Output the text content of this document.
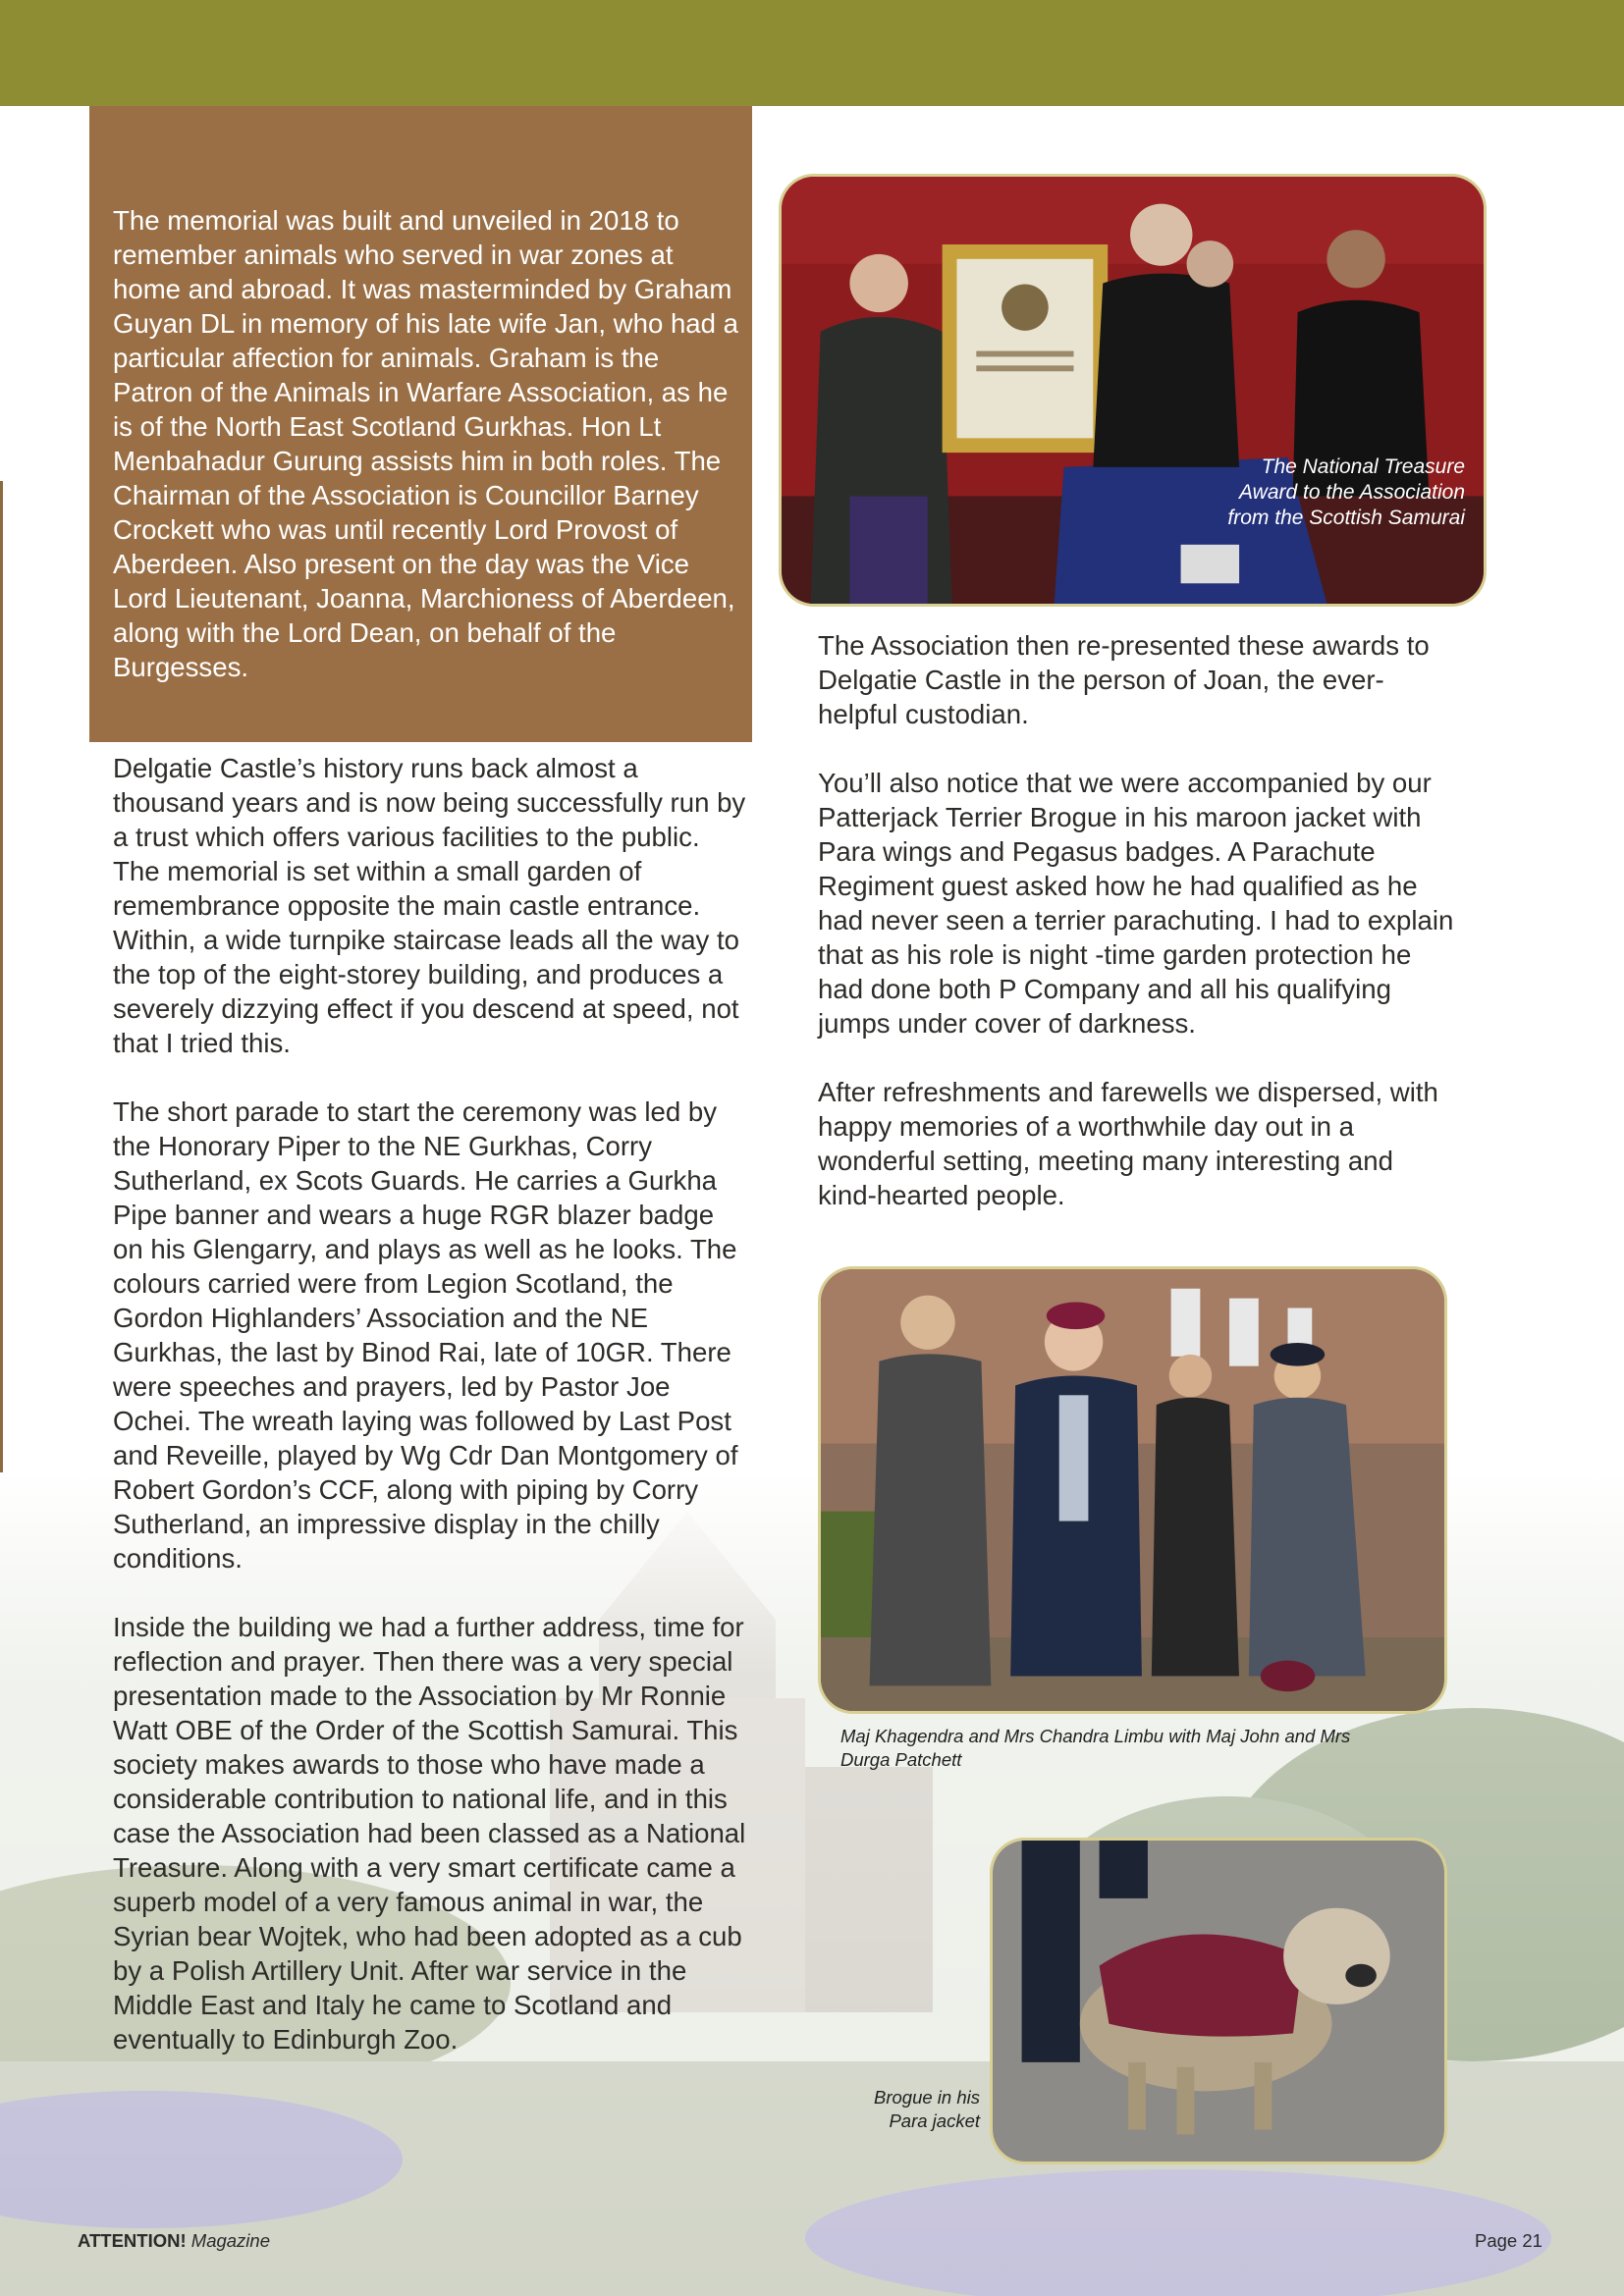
The memorial was built and unveiled in 2018 to remember animals who served in war zones at home and abroad. It was masterminded by Graham Guyan DL in memory of his late wife Jan, who had a particular affection for animals. Graham is the Patron of the Animals in Warfare Association, as he is of the North East Scotland Gurkhas. Hon Lt Menbahadur Gurung assists him in both roles. The Chairman of the Association is Councillor Barney Crockett who was until recently Lord Provost of Aberdeen. Also present on the day was the Vice Lord Lieutenant, Joanna, Marchioness of Aberdeen, along with the Lord Dean, on behalf of the Burgesses.

Delgatie Castle’s history runs back almost a thousand years and is now being successfully run by a trust which offers various facilities to the public. The memorial is set within a small garden of remembrance opposite the main castle entrance. Within, a wide turnpike staircase leads all the way to the top of the eight-storey building, and produces a severely dizzying effect if you descend at speed, not that I tried this.

The short parade to start the ceremony was led by the Honorary Piper to the NE Gurkhas, Corry Sutherland, ex Scots Guards. He carries a Gurkha Pipe banner and wears a huge RGR blazer badge on his Glengarry, and plays as well as he looks. The colours carried were from Legion Scotland, the Gordon Highlanders’ Association and the NE Gurkhas, the last by Binod Rai, late of 10GR. There were speeches and prayers, led by Pastor Joe Ochei. The wreath laying was followed by Last Post and Reveille, played by Wg Cdr Dan Montgomery of Robert Gordon’s CCF, along with piping by Corry Sutherland, an impressive display in the chilly conditions.

Inside the building we had a further address, time for reflection and prayer. Then there was a very special presentation made to the Association by Mr Ronnie Watt OBE of the Order of the Scottish Samurai. This society makes awards to those who have made a considerable contribution to national life, and in this case the Association had been classed as a National Treasure. Along with a very smart certificate came a superb model of a very famous animal in war, the Syrian bear Wojtek, who had been adopted as a cub by a Polish Artillery Unit. After war service in the Middle East and Italy he came to Scotland and eventually to Edinburgh Zoo.

The Association then re-presented these awards to Delgatie Castle in the person of Joan, the ever-helpful custodian.

You’ll also notice that we were accompanied by our Patterjack Terrier Brogue in his maroon jacket with Para wings and Pegasus badges. A Parachute Regiment guest asked how he had qualified as he had never seen a terrier parachuting. I had to explain that as his role is night -time garden protection he had done both P Company and all his qualifying jumps under cover of darkness.

After refreshments and farewells we dispersed, with happy memories of a worthwhile day out in a wonderful setting, meeting many interesting and kind-hearted people.

The National Treasure Award to the Association from the Scottish Samurai
Maj Khagendra and Mrs Chandra Limbu with Maj John and Mrs Durga Patchett
Brogue in his Para jacket
ATTENTION! Magazine	Page 21
